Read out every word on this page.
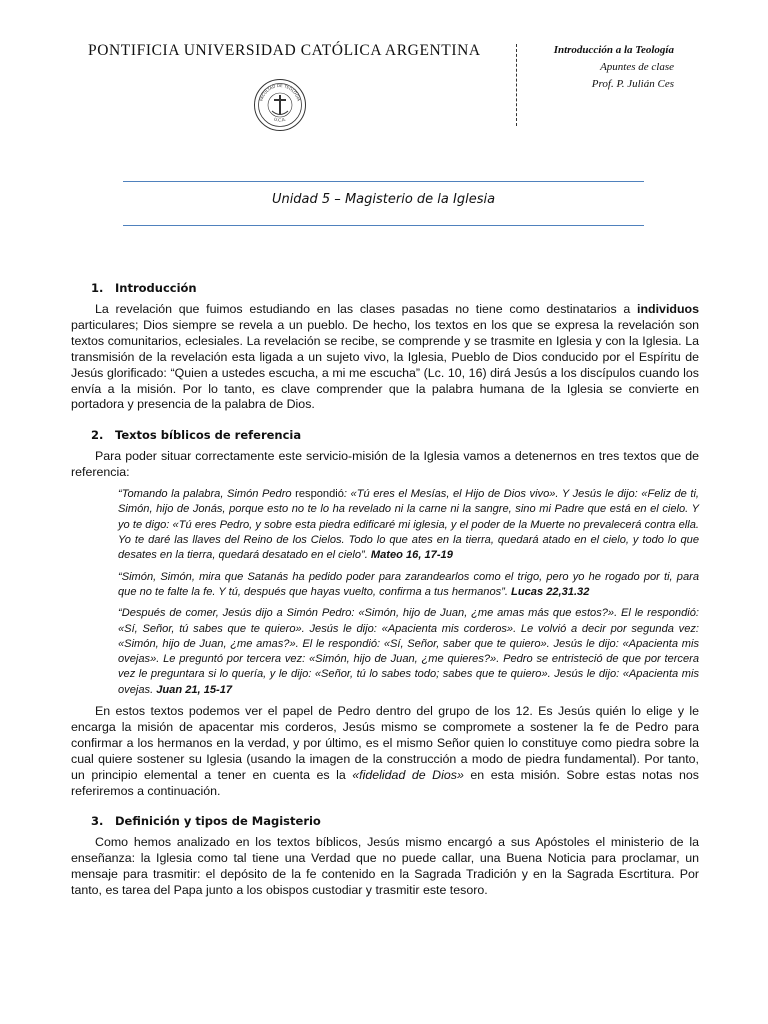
PONTIFICIA UNIVERSIDAD CATÓLICA ARGENTINA
FACULTAD DE TEOLOGÍA
U.C.A.
Introducción a la Teología
Apuntes de clase
Prof. P. Julián Ces
Unidad 5 – Magisterio de la Iglesia
1. Introducción

La revelación que fuimos estudiando en las clases pasadas no tiene como destinatarios a individuos particulares; Dios siempre se revela a un pueblo. De hecho, los textos en los que se expresa la revelación son textos comunitarios, eclesiales. La revelación se recibe, se comprende y se trasmite en Iglesia y con la Iglesia. La transmisión de la revelación esta ligada a un sujeto vivo, la Iglesia, Pueblo de Dios conducido por el Espíritu de Jesús glorificado: “Quien a ustedes escucha, a mi me escucha” (Lc. 10, 16) dirá Jesús a los discípulos cuando los envía a la misión. Por lo tanto, es clave comprender que la palabra humana de la Iglesia se convierte en portadora y presencia de la palabra de Dios.

2. Textos bíblicos de referencia

Para poder situar correctamente este servicio-misión de la Iglesia vamos a detenernos en tres textos que de referencia:

“Tomando la palabra, Simón Pedro respondió: «Tú eres el Mesías, el Hijo de Dios vivo». Y Jesús le dijo: «Feliz de ti, Simón, hijo de Jonás, porque esto no te lo ha revelado ni la carne ni la sangre, sino mi Padre que está en el cielo. Y yo te digo: «Tú eres Pedro, y sobre esta piedra edificaré mi iglesia, y el poder de la Muerte no prevalecerá contra ella. Yo te daré las llaves del Reino de los Cielos. Todo lo que ates en la tierra, quedará atado en el cielo, y todo lo que desates en la tierra, quedará desatado en el cielo”. Mateo 16, 17-19

“Simón, Simón, mira que Satanás ha pedido poder para zarandearlos como el trigo, pero yo he rogado por ti, para que no te falte la fe. Y tú, después que hayas vuelto, confirma a tus hermanos”. Lucas 22,31.32

“Después de comer, Jesús dijo a Simón Pedro: «Simón, hijo de Juan, ¿me amas más que estos?». El le respondió: «Sí, Señor, tú sabes que te quiero». Jesús le dijo: «Apacienta mis corderos». Le volvió a decir por segunda vez: «Simón, hijo de Juan, ¿me amas?». El le respondió: «Sí, Señor, saber que te quiero». Jesús le dijo: «Apacienta mis ovejas». Le preguntó por tercera vez: «Simón, hijo de Juan, ¿me quieres?». Pedro se entristeció de que por tercera vez le preguntara si lo quería, y le dijo: «Señor, tú lo sabes todo; sabes que te quiero». Jesús le dijo: «Apacienta mis ovejas. Juan 21, 15-17

En estos textos podemos ver el papel de Pedro dentro del grupo de los 12. Es Jesús quién lo elige y le encarga la misión de apacentar mis corderos, Jesús mismo se compromete a sostener la fe de Pedro para confirmar a los hermanos en la verdad, y por último, es el mismo Señor quien lo constituye como piedra sobre la cual quiere sostener su Iglesia (usando la imagen de la construcción a modo de piedra fundamental). Por tanto, un principio elemental a tener en cuenta es la «fidelidad de Dios» en esta misión. Sobre estas notas nos referiremos a continuación.

3. Definición y tipos de Magisterio

Como hemos analizado en los textos bíblicos, Jesús mismo encargó a sus Apóstoles el ministerio de la enseñanza: la Iglesia como tal tiene una Verdad que no puede callar, una Buena Noticia para proclamar, un mensaje para trasmitir: el depósito de la fe contenido en la Sagrada Tradición y en la Sagrada Escrtitura. Por tanto, es tarea del Papa junto a los obispos custodiar y trasmitir este tesoro.
